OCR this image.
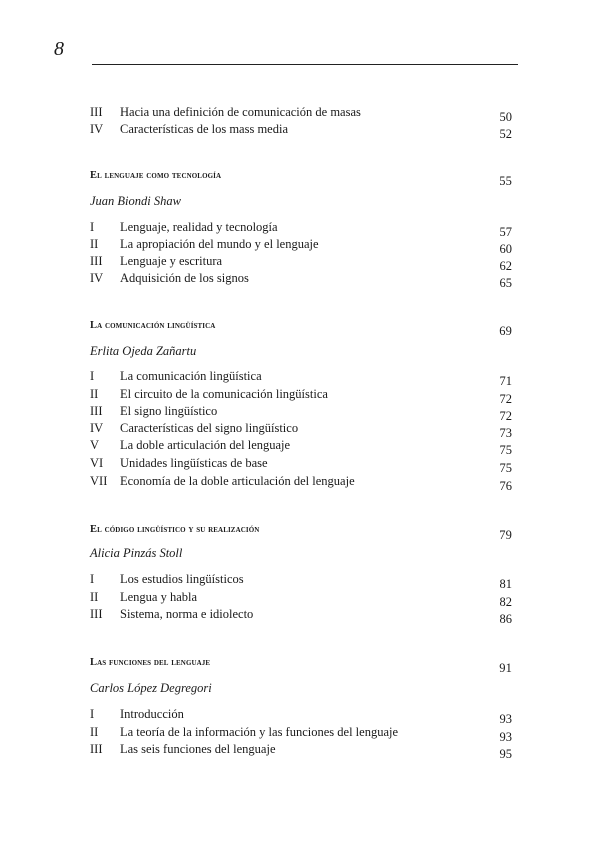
8
III Hacia una definición de comunicación de masas	50
IV Características de los mass media	52
El lenguaje como tecnología	55
Juan Biondi Shaw
I Lenguaje, realidad y tecnología	57
II La apropiación del mundo y el lenguaje	60
III Lenguaje y escritura	62
IV Adquisición de los signos	65
La comunicación lingüística	69
Erlita Ojeda Zañartu
I La comunicación lingüística	71
II El circuito de la comunicación lingüística	72
III El signo lingüístico	72
IV Características del signo lingüístico	73
V La doble articulación del lenguaje	75
VI Unidades lingüísticas de base	75
VII Economía de la doble articulación del lenguaje	76
El código lingüístico y su realización	79
Alicia Pinzás Stoll
I Los estudios lingüísticos	81
II Lengua y habla	82
III Sistema, norma e idiolecto	86
Las funciones del lenguaje	91
Carlos López Degregori
I Introducción	93
II La teoría de la información y las funciones del lenguaje	93
III Las seis funciones del lenguaje	95
